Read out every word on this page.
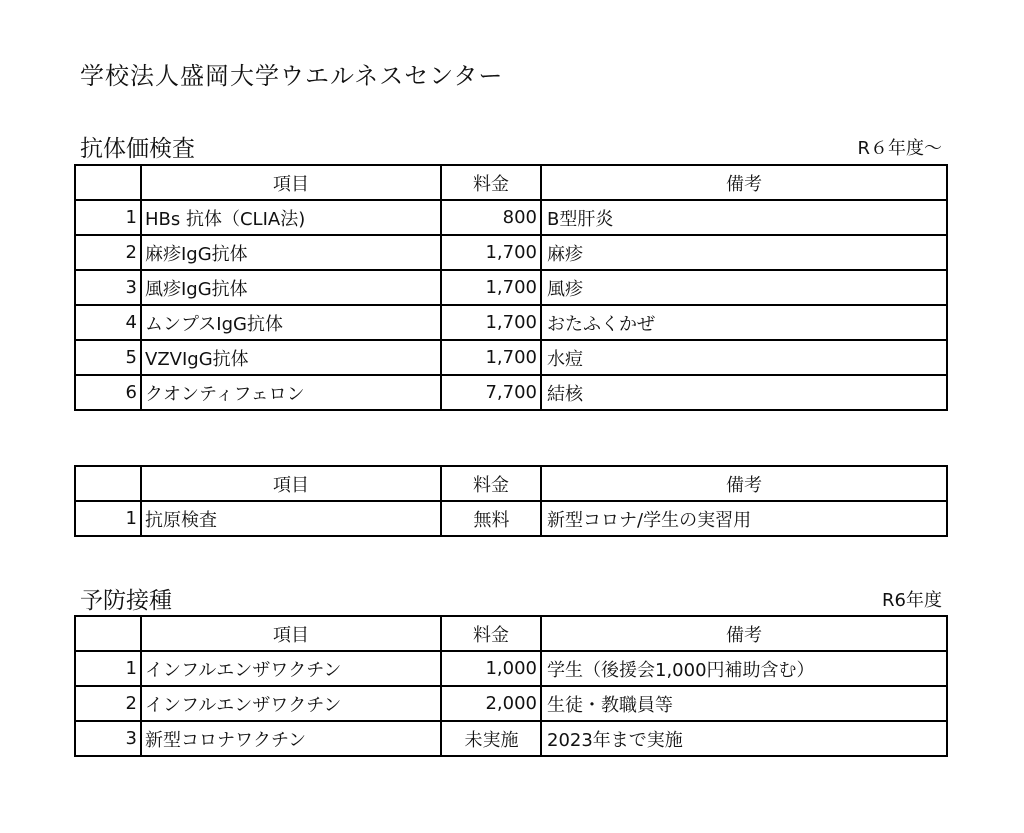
学校法人盛岡大学ウエルネスセンター
抗体価検査	R６年度～
	項目	料金	備考
1	HBs 抗体（CLIA法)	800	B型肝炎
2	麻疹IgG抗体	1,700	麻疹
3	風疹IgG抗体	1,700	風疹
4	ムンプスIgG抗体	1,700	おたふくかぜ
5	VZVIgG抗体	1,700	水痘
6	クオンティフェロン	7,700	結核
	項目	料金	備考
1	抗原検査	無料	新型コロナ/学生の実習用
予防接種	R6年度
	項目	料金	備考
1	インフルエンザワクチン	1,000	学生（後援会1,000円補助含む）
2	インフルエンザワクチン	2,000	生徒・教職員等
3	新型コロナワクチン	未実施	2023年まで実施
